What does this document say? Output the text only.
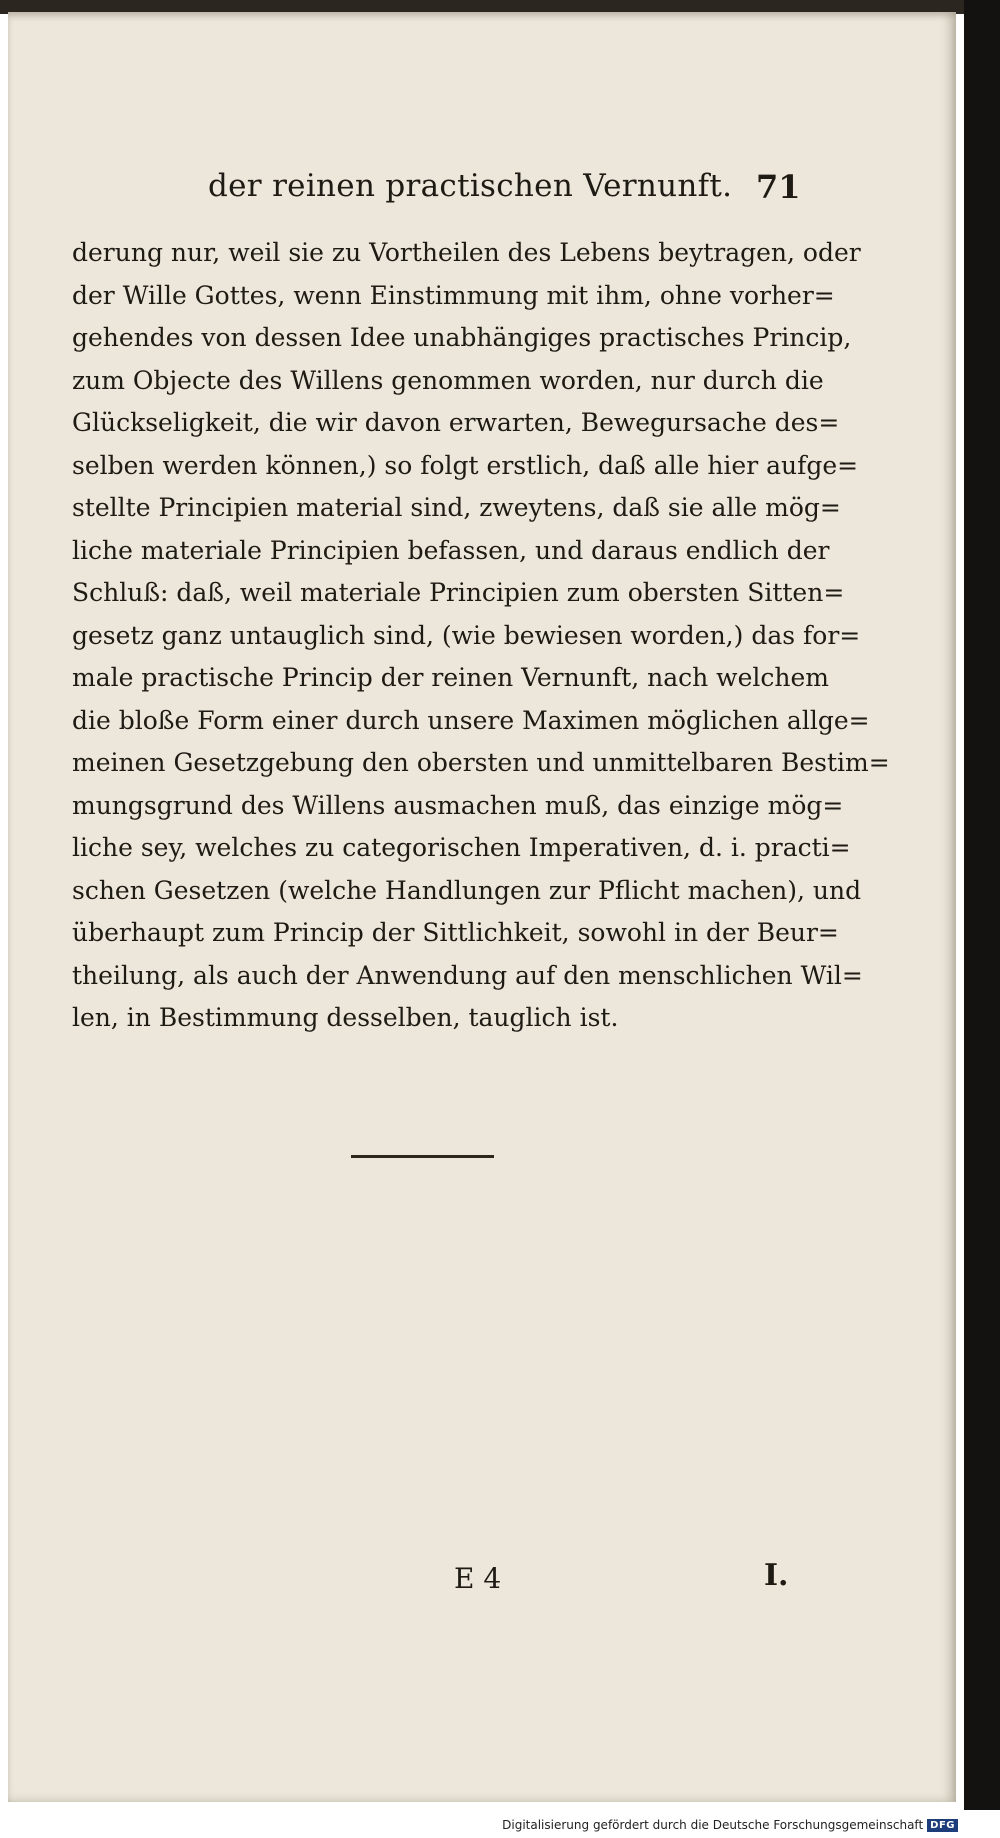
der reinen practischen Vernunft. 71
derung nur, weil sie zu Vortheilen des Lebens beytragen, oder
der Wille Gottes, wenn Einstimmung mit ihm, ohne vorher=
gehendes von dessen Idee unabhängiges practisches Princip,
zum Objecte des Willens genommen worden, nur durch die
Glückseligkeit, die wir davon erwarten, Bewegursache des=
selben werden können,) so folgt erstlich, daß alle hier aufge=
stellte Principien material sind, zweytens, daß sie alle mög=
liche materiale Principien befassen, und daraus endlich der
Schluß: daß, weil materiale Principien zum obersten Sitten=
gesetz ganz untauglich sind, (wie bewiesen worden,) das for=
male practische Princip der reinen Vernunft, nach welchem
die bloße Form einer durch unsere Maximen möglichen allge=
meinen Gesetzgebung den obersten und unmittelbaren Bestim=
mungsgrund des Willens ausmachen muß, das einzige mög=
liche sey, welches zu categorischen Imperativen, d. i. practi=
schen Gesetzen (welche Handlungen zur Pflicht machen), und
überhaupt zum Princip der Sittlichkeit, sowohl in der Beur=
theilung, als auch der Anwendung auf den menschlichen Wil=
len, in Bestimmung desselben, tauglich ist.
E 4	I.
Digitalisierung gefördert durch die Deutsche Forschungsgemeinschaft DFG
